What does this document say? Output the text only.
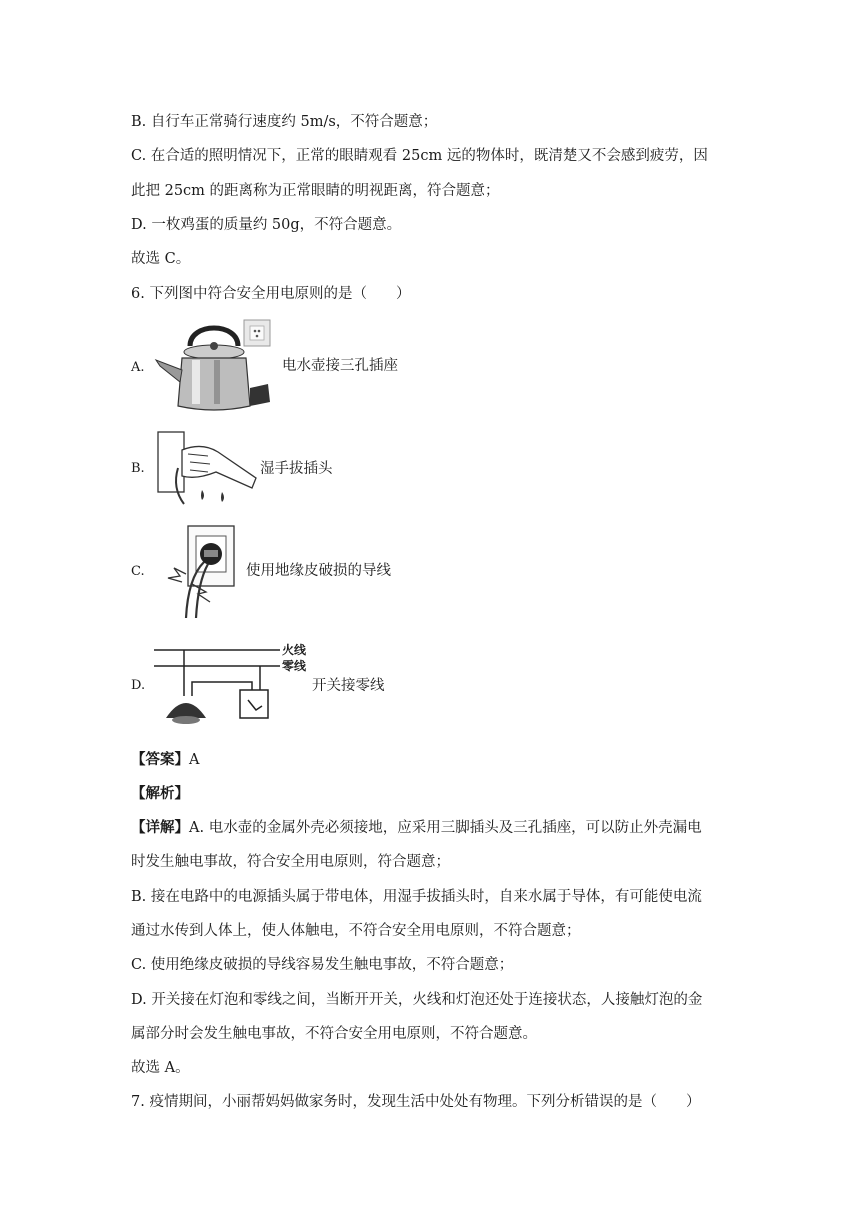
B. 自行车正常骑行速度约 5m/s，不符合题意；
C. 在合适的照明情况下，正常的眼睛观看 25cm 远的物体时，既清楚又不会感到疲劳，因
此把 25cm 的距离称为正常眼睛的明视距离，符合题意；
D. 一枚鸡蛋的质量约 50g，不符合题意。
故选 C。
6. 下列图中符合安全用电原则的是（　　）
A.	电水壶接三孔插座
B.	湿手拔插头
C.	使用地缘皮破损的导线
D.
火线
零线
开关接零线
【答案】A
【解析】
【详解】A. 电水壶的金属外壳必须接地，应采用三脚插头及三孔插座，可以防止外壳漏电
时发生触电事故，符合安全用电原则，符合题意；
B. 接在电路中的电源插头属于带电体，用湿手拔插头时，自来水属于导体，有可能使电流
通过水传到人体上，使人体触电，不符合安全用电原则，不符合题意；
C. 使用绝缘皮破损的导线容易发生触电事故，不符合题意；
D. 开关接在灯泡和零线之间，当断开开关，火线和灯泡还处于连接状态，人接触灯泡的金
属部分时会发生触电事故，不符合安全用电原则，不符合题意。
故选 A。
7. 疫情期间，小丽帮妈妈做家务时，发现生活中处处有物理。下列分析错误的是（　　）
